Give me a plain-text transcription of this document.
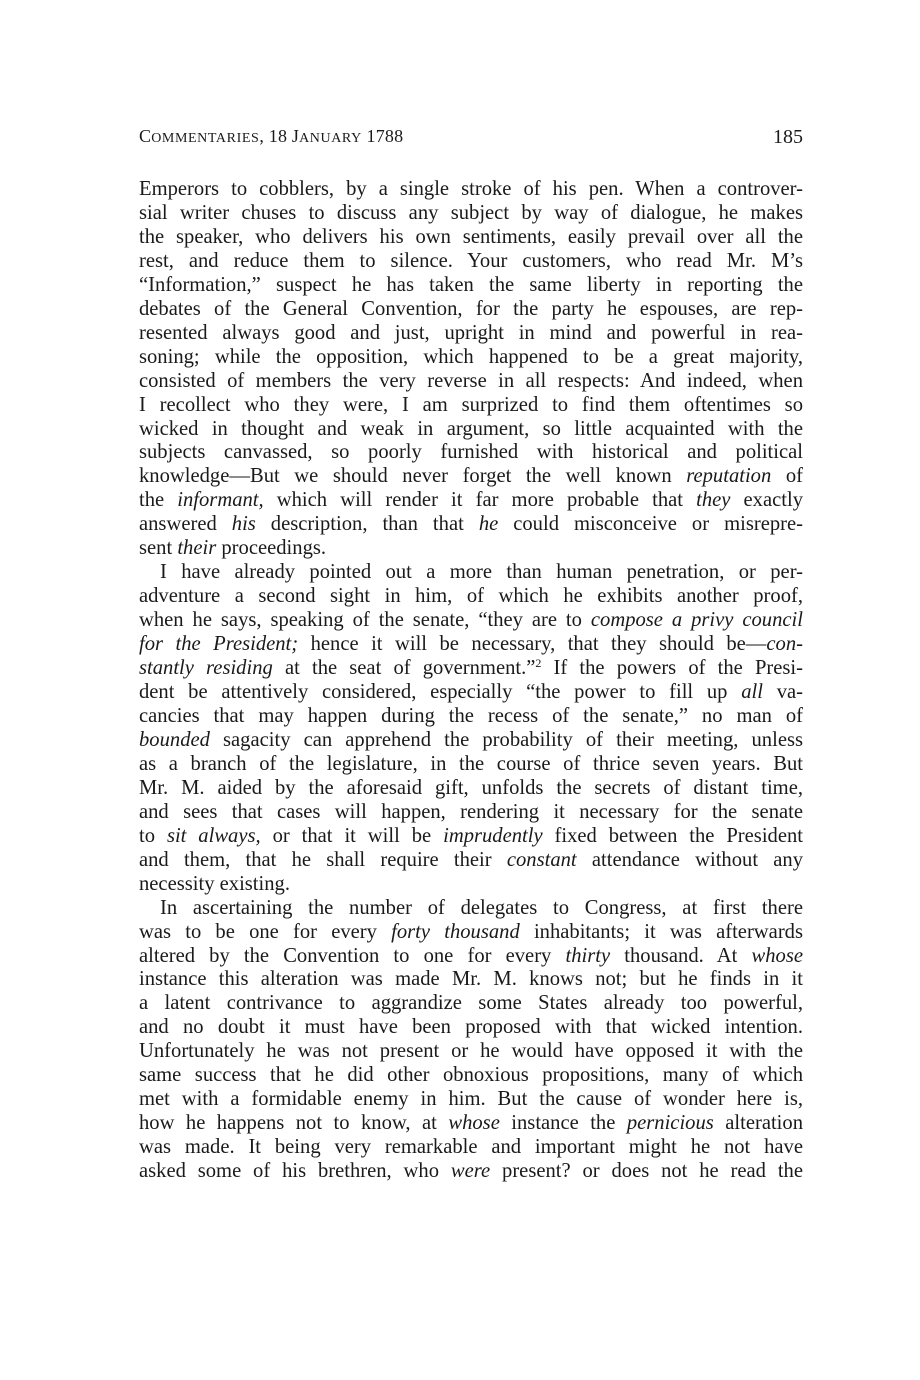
COMMENTARIES, 18 JANUARY 1788	185

Emperors to cobblers, by a single stroke of his pen. When a controver-
sial writer chuses to discuss any subject by way of dialogue, he makes
the speaker, who delivers his own sentiments, easily prevail over all the
rest, and reduce them to silence. Your customers, who read Mr. M’s
“Information,” suspect he has taken the same liberty in reporting the
debates of the General Convention, for the party he espouses, are rep-
resented always good and just, upright in mind and powerful in rea-
soning; while the opposition, which happened to be a great majority,
consisted of members the very reverse in all respects: And indeed, when
I recollect who they were, I am surprized to find them oftentimes so
wicked in thought and weak in argument, so little acquainted with the
subjects canvassed, so poorly furnished with historical and political
knowledge—But we should never forget the well known reputation of
the informant, which will render it far more probable that they exactly
answered his description, than that he could misconceive or misrepre-
sent their proceedings.

I have already pointed out a more than human penetration, or per-
adventure a second sight in him, of which he exhibits another proof,
when he says, speaking of the senate, “they are to compose a privy council
for the President; hence it will be necessary, that they should be—con-
stantly residing at the seat of government.”$^2$ If the powers of the Presi-
dent be attentively considered, especially “the power to fill up all va-
cancies that may happen during the recess of the senate,” no man of
bounded sagacity can apprehend the probability of their meeting, unless
as a branch of the legislature, in the course of thrice seven years. But
Mr. M. aided by the aforesaid gift, unfolds the secrets of distant time,
and sees that cases will happen, rendering it necessary for the senate
to sit always, or that it will be imprudently fixed between the President
and them, that he shall require their constant attendance without any
necessity existing.

In ascertaining the number of delegates to Congress, at first there
was to be one for every forty thousand inhabitants; it was afterwards
altered by the Convention to one for every thirty thousand. At whose
instance this alteration was made Mr. M. knows not; but he finds in it
a latent contrivance to aggrandize some States already too powerful,
and no doubt it must have been proposed with that wicked intention.
Unfortunately he was not present or he would have opposed it with the
same success that he did other obnoxious propositions, many of which
met with a formidable enemy in him. But the cause of wonder here is,
how he happens not to know, at whose instance the pernicious alteration
was made. It being very remarkable and important might he not have
asked some of his brethren, who were present? or does not he read the
